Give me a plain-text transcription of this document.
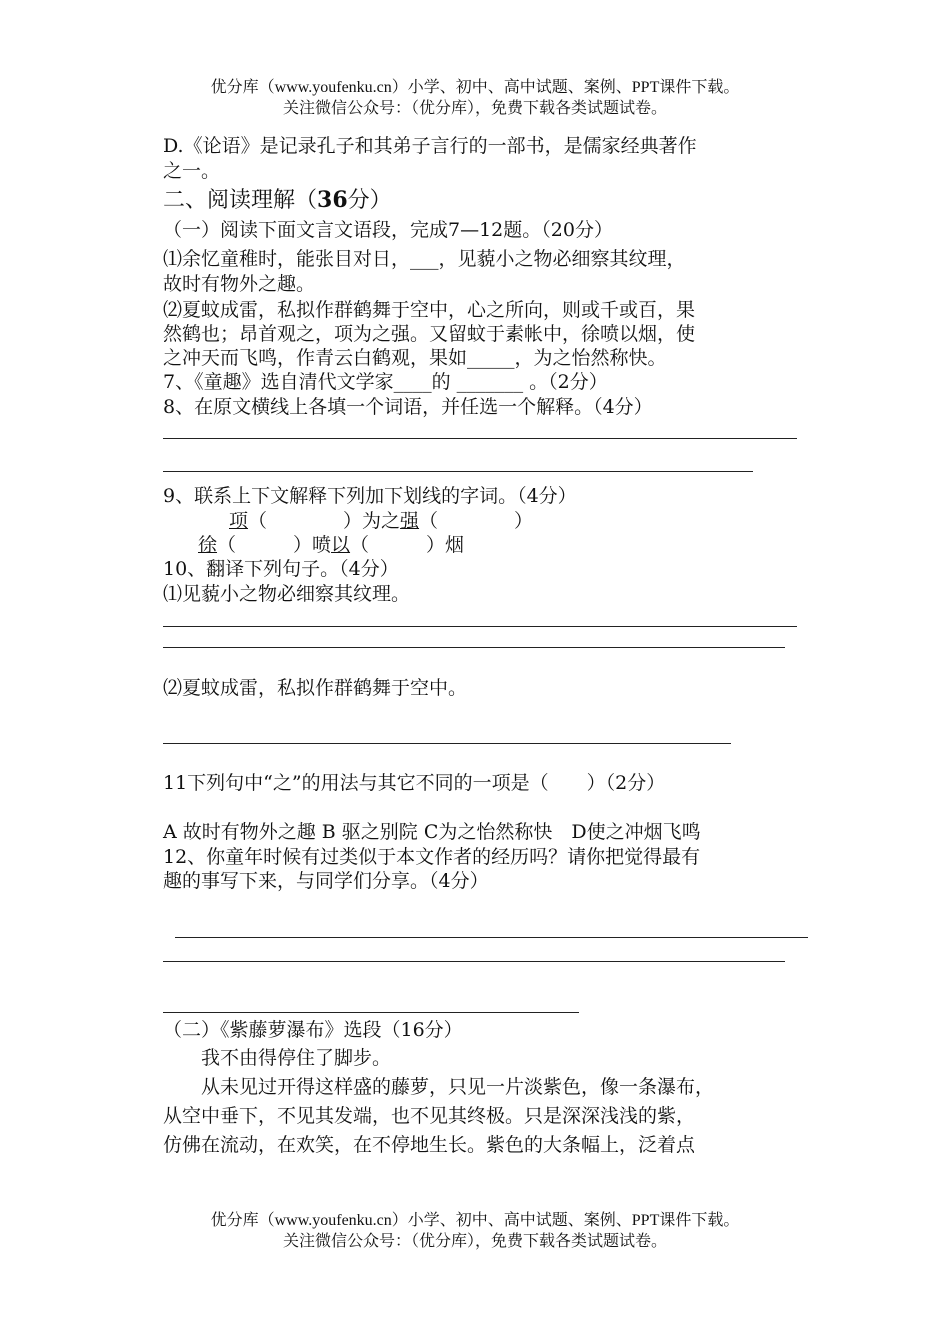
优分库（www.youfenku.cn）小学、初中、高中试题、案例、PPT课件下载。
关注微信公众号：（优分库），免费下载各类试题试卷。
D.《论语》是记录孔子和其弟子言行的一部书，是儒家经典著作
之一。
二、阅读理解（36分）
（一）阅读下面文言文语段，完成7—12题。（20分）
⑴余忆童稚时，能张目对日，___，见藐小之物必细察其纹理，
故时有物外之趣。
⑵夏蚊成雷，私拟作群鹤舞于空中，心之所向，则或千或百，果
然鹤也；昂首观之，项为之强。又留蚊于素帐中，徐喷以烟，使
之冲天而飞鸣，作青云白鹤观，果如_____，为之怡然称快。
7、《童趣》选自清代文学家____的 _______ 。（2分）
8、在原文横线上各填一个词语，并任选一个解释。（4分）
9、联系上下文解释下列加下划线的字词。（4分）
项（　　　　）为之强（　　　　）
徐（　　　）喷以（　　　）烟
10、翻译下列句子。（4分）
⑴见藐小之物必细察其纹理。
⑵夏蚊成雷，私拟作群鹤舞于空中。
11下列句中“之”的用法与其它不同的一项是（　　）（2分）
A 故时有物外之趣 B 驱之别院 C为之怡然称快　D使之冲烟飞鸣
12、你童年时候有过类似于本文作者的经历吗？请你把觉得最有
趣的事写下来，与同学们分享。（4分）
（二）《紫藤萝瀑布》选段（16分）
　　我不由得停住了脚步。
　　从未见过开得这样盛的藤萝，只见一片淡紫色，像一条瀑布，
从空中垂下，不见其发端，也不见其终极。只是深深浅浅的紫，
仿佛在流动，在欢笑，在不停地生长。紫色的大条幅上，泛着点
优分库（www.youfenku.cn）小学、初中、高中试题、案例、PPT课件下载。
关注微信公众号：（优分库），免费下载各类试题试卷。
